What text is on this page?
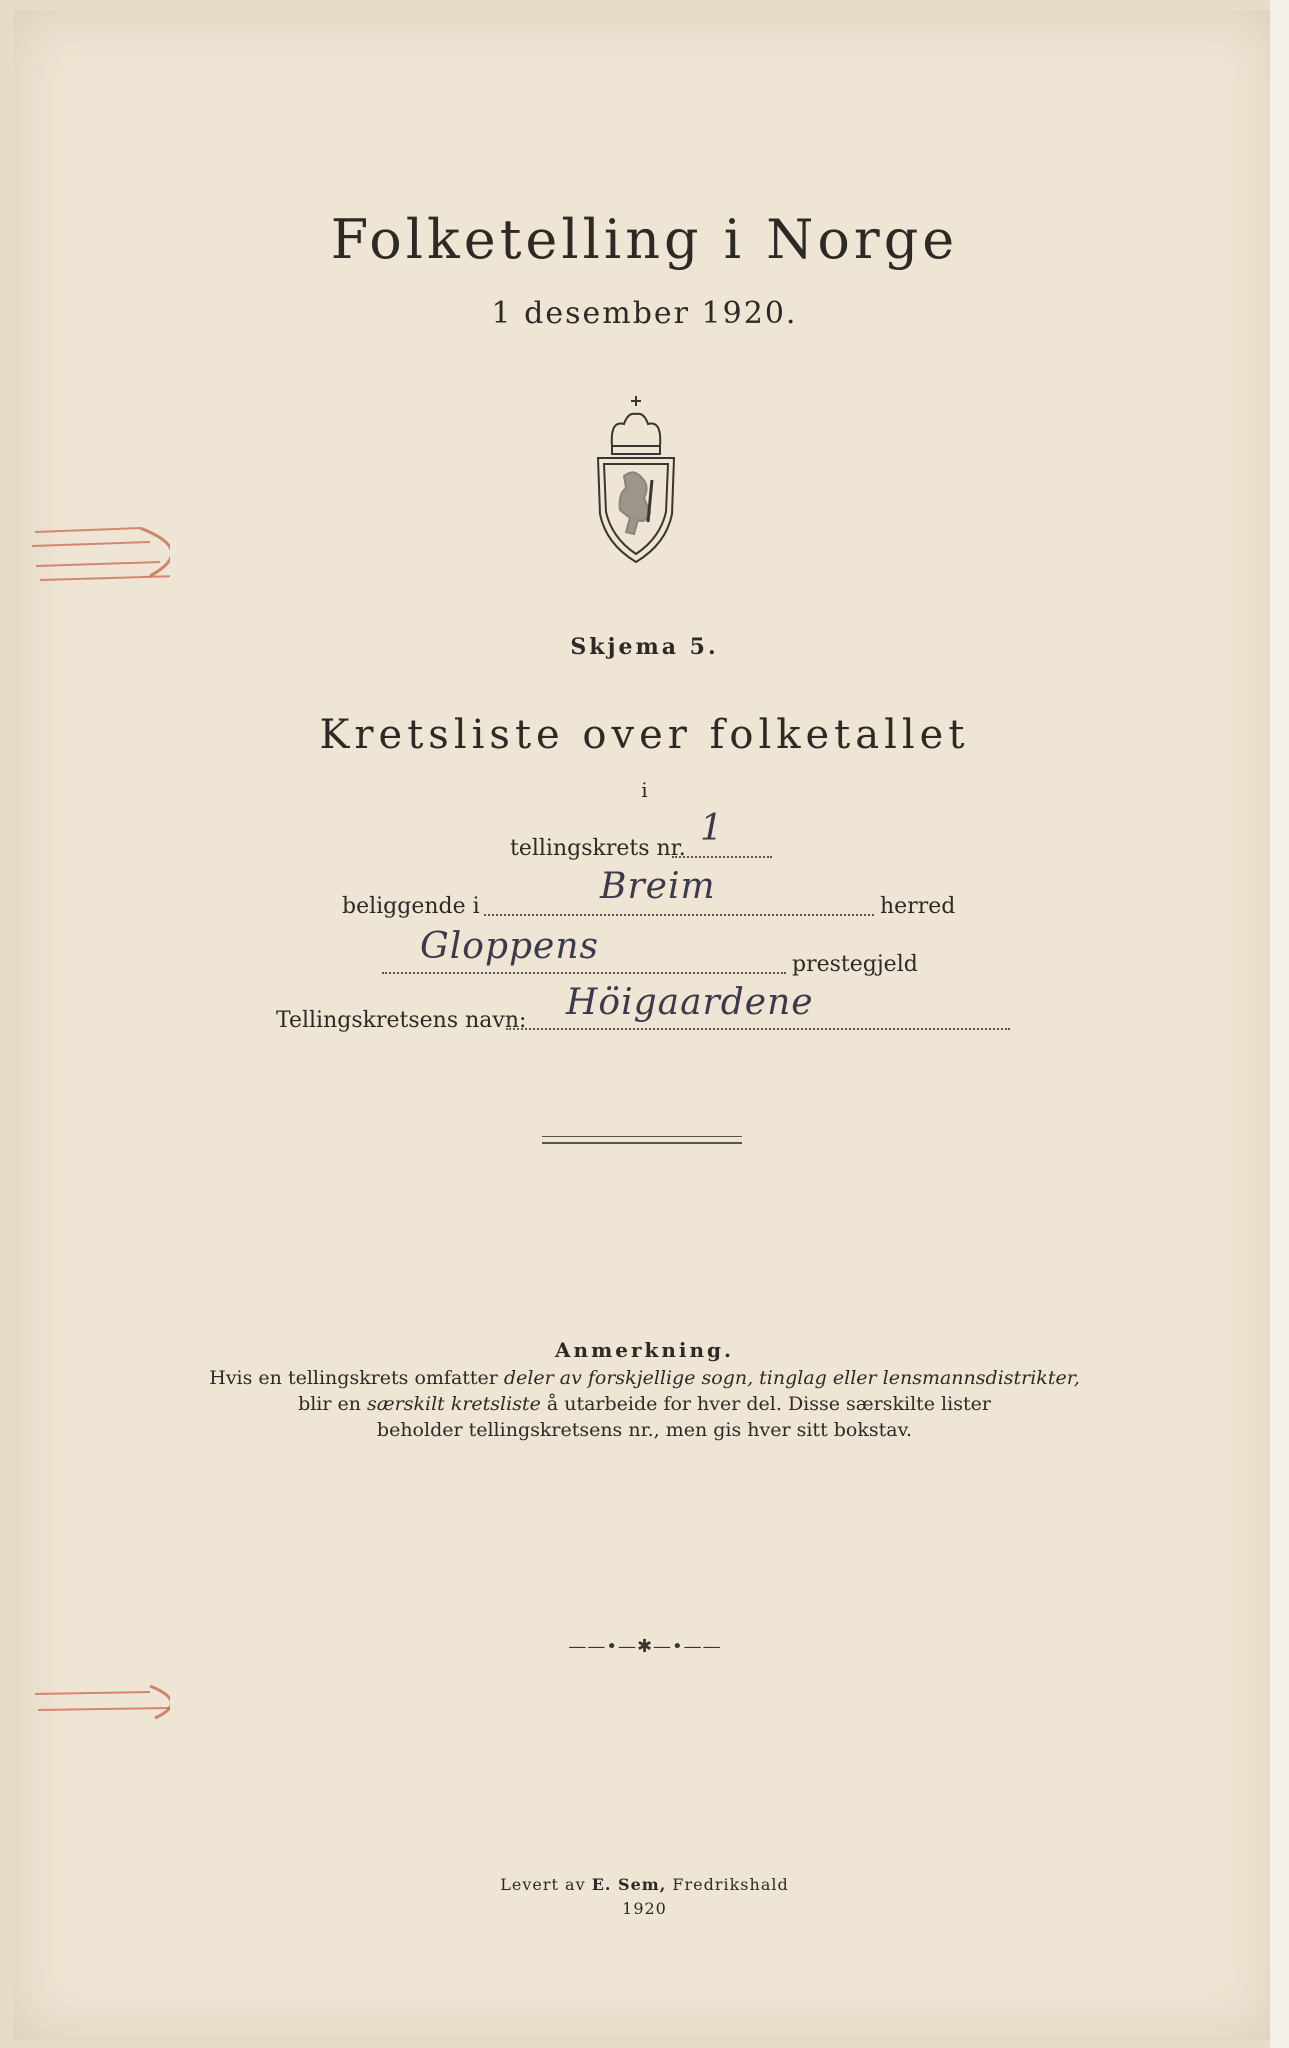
Folketelling i Norge
1 desember 1920.
Skjema 5.
Kretsliste over folketallet
i
tellingskrets nr. 1
beliggende i	Breim	herred
Gloppens	prestegjeld
Tellingskretsens navn: Höigaardene
Anmerkning.
Hvis en tellingskrets omfatter deler av forskjellige sogn, tinglag eller lensmannsdistrikter,
blir en særskilt kretsliste å utarbeide for hver del. Disse særskilte lister
beholder tellingskretsens nr., men gis hver sitt bokstav.
——•—✱—•——
Levert av E. Sem, Fredrikshald
1920
